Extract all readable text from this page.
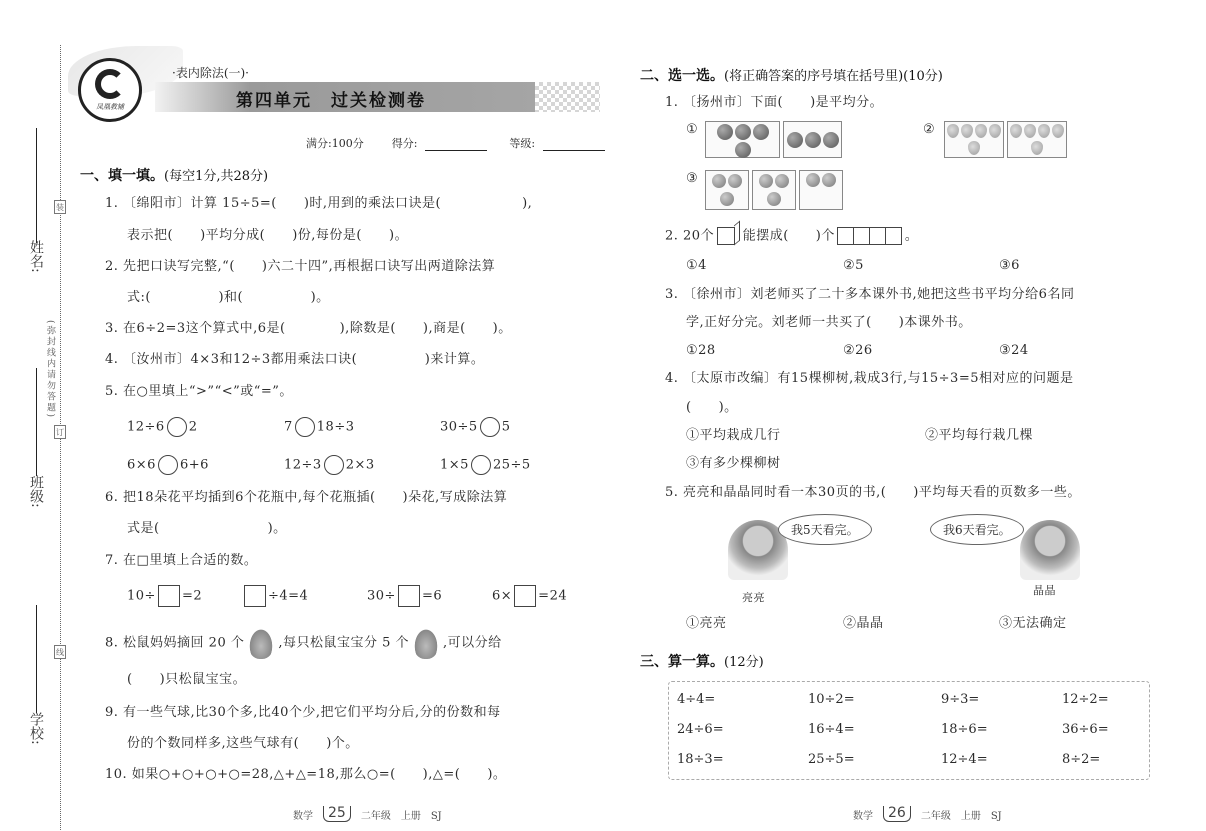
姓名:
班级:
学校:
装
订
线
(弥封线内请勿答题)
凤凰教辅
·表内除法(一)·
第四单元　过关检测卷
满分:100分	得分:	等级:
一、填一填。(每空1分,共28分)
1. 〔绵阳市〕计算 15÷5=(　　)时,用到的乘法口诀是(　　　　　　),
表示把(　　)平均分成(　　)份,每份是(　　)。
2. 先把口诀写完整,“(　　)六二十四”,再根据口诀写出两道除法算
式:(　　　　　)和(　　　　　)。
3. 在6÷2=3这个算式中,6是(　　　　),除数是(　　),商是(　　)。
4. 〔汝州市〕4×3和12÷3都用乘法口诀(　　　　　)来计算。
5. 在○里填上“>”“<”或“=”。
12÷6 2	7 18÷3	30÷5 5
6×6 6+6	12÷3 2×3	1×5 25÷5
6. 把18朵花平均插到6个花瓶中,每个花瓶插(　　)朵花,写成除法算
式是(　　　　　　　　)。
7. 在□里填上合适的数。
10÷ =2	÷4=4	30÷ =6	6× =24
8. 松鼠妈妈摘回 20 个	,每只松鼠宝宝分 5 个	,可以分给
(　　)只松鼠宝宝。
9. 有一些气球,比30个多,比40个少,把它们平均分后,分的份数和每
份的个数同样多,这些气球有(　　)个。
10. 如果○+○+○+○=28,△+△=18,那么○=(　　),△=(　　)。
数学	25	二年级　上册　SJ
二、选一选。(将正确答案的序号填在括号里)(10分)
1. 〔扬州市〕下面(　　)是平均分。
①	②
③
2. 20个 能摆成(　　)个	。
①4	②5	③6
3. 〔徐州市〕刘老师买了二十多本课外书,她把这些书平均分给6名同
学,正好分完。刘老师一共买了(　　)本课外书。
①28	②26	③24
4. 〔太原市改编〕有15棵柳树,栽成3行,与15÷3=5相对应的问题是
(　　)。
①平均栽成几行	②平均每行栽几棵
③有多少棵柳树
5. 亮亮和晶晶同时看一本30页的书,(　　)平均每天看的页数多一些。
我5天看完。
亮亮
我6天看完。
晶晶
①亮亮	②晶晶	③无法确定
三、算一算。(12分)
4÷4=	10÷2=	9÷3=	12÷2=
24÷6=	16÷4=	18÷6=	36÷6=
18÷3=	25÷5=	12÷4=	8÷2=
数学	26	二年级　上册　SJ
